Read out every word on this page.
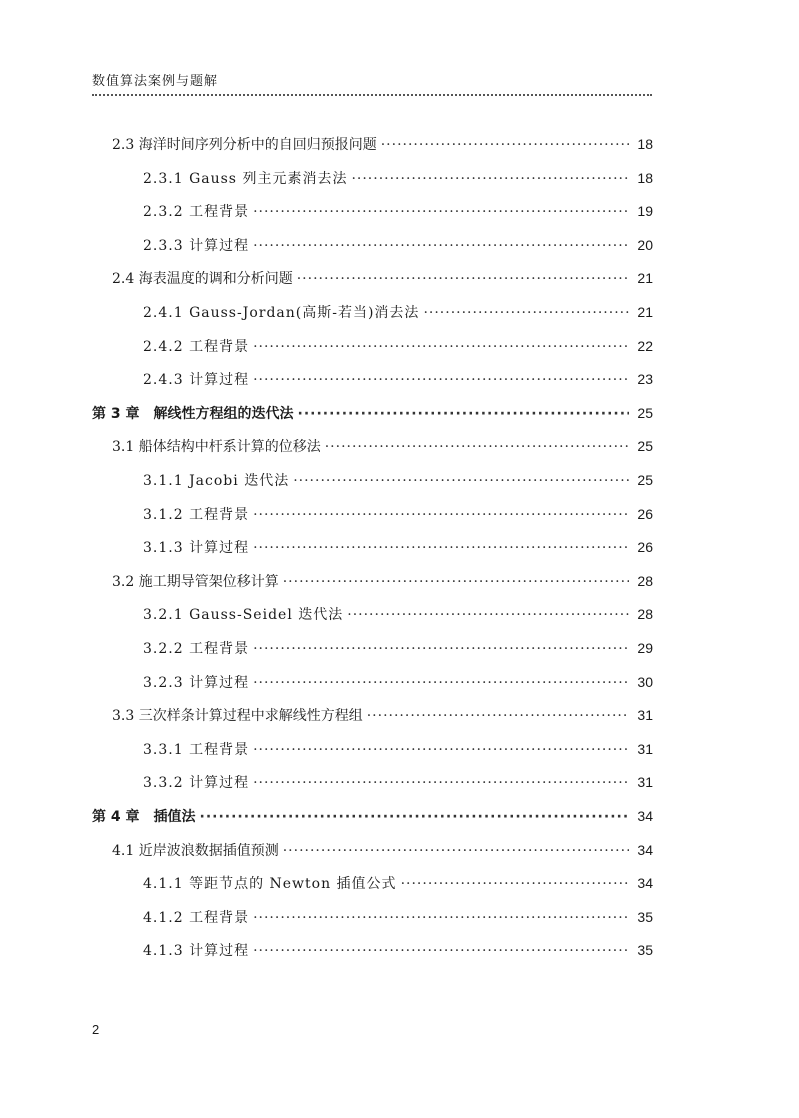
数值算法案例与题解
2.3 海洋时间序列分析中的自回归预报问题 ·····	18
2.3.1 Gauss 列主元素消去法 ·····	18
2.3.2 工程背景 ·····	19
2.3.3 计算过程 ·····	20
2.4 海表温度的调和分析问题 ·····	21
2.4.1 Gauss-Jordan(高斯-若当)消去法 ·····	21
2.4.2 工程背景 ·····	22
2.4.3 计算过程 ·····	23
第 3 章　解线性方程组的迭代法 ·····	25
3.1 船体结构中杆系计算的位移法 ·····	25
3.1.1 Jacobi 迭代法 ·····	25
3.1.2 工程背景 ·····	26
3.1.3 计算过程 ·····	26
3.2 施工期导管架位移计算 ·····	28
3.2.1 Gauss-Seidel 迭代法 ·····	28
3.2.2 工程背景 ·····	29
3.2.3 计算过程 ·····	30
3.3 三次样条计算过程中求解线性方程组 ·····	31
3.3.1 工程背景 ·····	31
3.3.2 计算过程 ·····	31
第 4 章　插值法 ·····	34
4.1 近岸波浪数据插值预测 ·····	34
4.1.1 等距节点的 Newton 插值公式 ·····	34
4.1.2 工程背景 ·····	35
4.1.3 计算过程 ·····	35
2
